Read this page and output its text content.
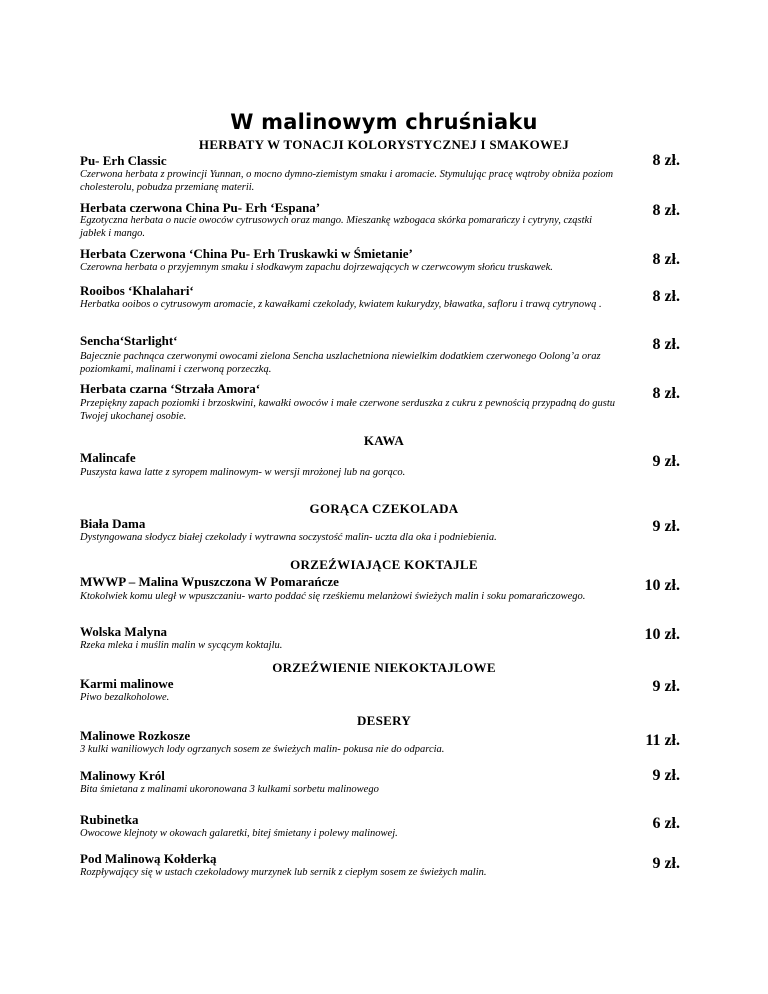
W malinowym chruśniaku
HERBATY W TONACJI KOLORYSTYCZNEJ I SMAKOWEJ
Pu- Erh Classic
Czerwona herbata z prowincji Yunnan, o mocno dymno-ziemistym smaku i aromacie. Stymulując pracę wątroby obniża poziom cholesterolu, pobudza przemianę materii.
8 zł.
Herbata czerwona China Pu- Erh ‘Espana’
Egzotyczna herbata o nucie owoców cytrusowych oraz mango. Mieszankę wzbogaca skórka pomarańczy i cytryny, cząstki jabłek i mango.
8 zł.
Herbata Czerwona ‘China Pu- Erh Truskawki w Śmietanie’
Czerowna herbata o przyjemnym smaku i słodkawym zapachu dojrzewających w czerwcowym słońcu truskawek.	8 zł.
Rooibos ‘Khalahari‘
Herbatka ooibos o cytrusowym aromacie, z kawałkami czekolady, kwiatem kukurydzy, bławatka, safloru i trawą cytrynową .	8 zł.
Sencha‘Starlight‘
Bajecznie pachnąca czerwonymi owocami zielona Sencha uszlachetniona niewielkim dodatkiem czerwonego Oolong’a oraz poziomkami, malinami i czerwoną porzeczką.
8 zł.
Herbata czarna ‘Strzała Amora‘
Przepiękny zapach poziomki i brzoskwini, kawałki owoców i małe czerwone serduszka z cukru z pewnością przypadną do gustu Twojej ukochanej osobie.
8 zł.
KAWA
Malincafe
Puszysta kawa latte z syropem malinowym- w wersji mrożonej lub na gorąco.
9 zł.
GORĄCA CZEKOLADA
Biała Dama
Dystyngowana słodycz białej czekolady i wytrawna soczystość malin- uczta dla oka i podniebienia.
9 zł.
ORZEŹWIAJĄCE KOKTAJLE
MWWP – Malina Wpuszczona W Pomarańcze
Ktokolwiek komu uległ w wpuszczaniu- warto poddać się rześkiemu melanżowi świeżych malin i soku pomarańczowego.
10 zł.
Wolska Malyna
Rzeka mleka i muślin malin w sycącym koktajlu.
10 zł.
ORZEŹWIENIE NIEKOKTAJLOWE
Karmi malinowe
Piwo bezalkoholowe.
9 zł.
DESERY
Malinowe Rozkosze
3 kulki waniliowych lody ogrzanych sosem ze świeżych malin- pokusa nie do odparcia.
11 zł.
Malinowy Król
Bita śmietana z malinami ukoronowana 3 kulkami sorbetu malinowego
9 zł.
Rubinetka
Owocowe klejnoty w okowach galaretki, bitej śmietany i polewy malinowej.
6 zł.
Pod Malinową Kołderką
Rozpływający się w ustach czekoladowy murzynek lub sernik z ciepłym sosem ze świeżych malin.
9 zł.
